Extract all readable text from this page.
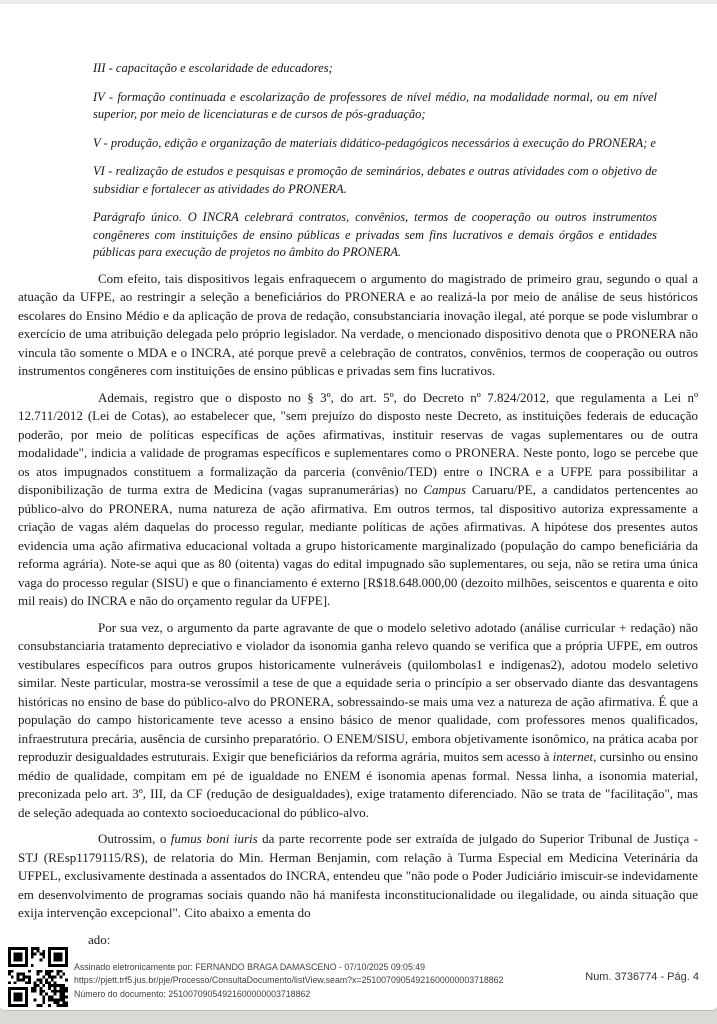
III - capacitação e escolaridade de educadores;

IV - formação continuada e escolarização de professores de nível médio, na modalidade normal, ou em nível superior, por meio de licenciaturas e de cursos de pós-graduação;

V - produção, edição e organização de materiais didático-pedagógicos necessários à execução do PRONERA; e

VI - realização de estudos e pesquisas e promoção de seminários, debates e outras atividades com o objetivo de subsidiar e fortalecer as atividades do PRONERA.

Parágrafo único. O INCRA celebrará contratos, convênios, termos de cooperação ou outros instrumentos congêneres com instituições de ensino públicas e privadas sem fins lucrativos e demais órgãos e entidades públicas para execução de projetos no âmbito do PRONERA.

Com efeito, tais dispositivos legais enfraquecem o argumento do magistrado de primeiro grau, segundo o qual a atuação da UFPE, ao restringir a seleção a beneficiários do PRONERA e ao realizá-la por meio de análise de seus históricos escolares do Ensino Médio e da aplicação de prova de redação, consubstanciaria inovação ilegal, até porque se pode vislumbrar o exercício de uma atribuição delegada pelo próprio legislador. Na verdade, o mencionado dispositivo denota que o PRONERA não vincula tão somente o MDA e o INCRA, até porque prevê a celebração de contratos, convênios, termos de cooperação ou outros instrumentos congêneres com instituições de ensino públicas e privadas sem fins lucrativos.

Ademais, registro que o disposto no § 3º, do art. 5º, do Decreto nº 7.824/2012, que regulamenta a Lei nº 12.711/2012 (Lei de Cotas), ao estabelecer que, "sem prejuízo do disposto neste Decreto, as instituições federais de educação poderão, por meio de políticas específicas de ações afirmativas, instituir reservas de vagas suplementares ou de outra modalidade", indicia a validade de programas específicos e suplementares como o PRONERA. Neste ponto, logo se percebe que os atos impugnados constituem a formalização da parceria (convênio/TED) entre o INCRA e a UFPE para possibilitar a disponibilização de turma extra de Medicina (vagas supranumerárias) no Campus Caruaru/PE, a candidatos pertencentes ao público-alvo do PRONERA, numa natureza de ação afirmativa. Em outros termos, tal dispositivo autoriza expressamente a criação de vagas além daquelas do processo regular, mediante políticas de ações afirmativas. A hipótese dos presentes autos evidencia uma ação afirmativa educacional voltada a grupo historicamente marginalizado (população do campo beneficiária da reforma agrária). Note-se aqui que as 80 (oitenta) vagas do edital impugnado são suplementares, ou seja, não se retira uma única vaga do processo regular (SISU) e que o financiamento é externo [R$18.648.000,00 (dezoito milhões, seiscentos e quarenta e oito mil reais) do INCRA e não do orçamento regular da UFPE].

Por sua vez, o argumento da parte agravante de que o modelo seletivo adotado (análise curricular + redação) não consubstanciaria tratamento depreciativo e violador da isonomia ganha relevo quando se verifica que a própria UFPE, em outros vestibulares específicos para outros grupos historicamente vulneráveis (quilombolas1 e indígenas2), adotou modelo seletivo similar. Neste particular, mostra-se verossímil a tese de que a equidade seria o princípio a ser observado diante das desvantagens históricas no ensino de base do público-alvo do PRONERA, sobressaindo-se mais uma vez a natureza de ação afirmativa. É que a população do campo historicamente teve acesso a ensino básico de menor qualidade, com professores menos qualificados, infraestrutura precária, ausência de cursinho preparatório. O ENEM/SISU, embora objetivamente isonômico, na prática acaba por reproduzir desigualdades estruturais. Exigir que beneficiários da reforma agrária, muitos sem acesso à internet, cursinho ou ensino médio de qualidade, compitam em pé de igualdade no ENEM é isonomia apenas formal. Nessa linha, a isonomia material, preconizada pelo art. 3º, III, da CF (redução de desigualdades), exige tratamento diferenciado. Não se trata de "facilitação", mas de seleção adequada ao contexto socioeducacional do público-alvo.

Outrossim, o fumus boni iuris da parte recorrente pode ser extraída de julgado do Superior Tribunal de Justiça - STJ (REsp1179115/RS), de relatoria do Min. Herman Benjamin, com relação à Turma Especial em Medicina Veterinária da UFPEL, exclusivamente destinada a assentados do INCRA, entendeu que "não pode o Poder Judiciário imiscuir-se indevidamente em desenvolvimento de programas sociais quando não há manifesta inconstitucionalidade ou ilegalidade, ou ainda situação que exija intervenção excepcional". Cito abaixo a ementa do

ado:

Assinado eletronicamente por: FERNANDO BRAGA DAMASCENO - 07/10/2025 09:05:49
https://pjett.trf5.jus.br/pje/Processo/ConsultaDocumento/listView.seam?x=25100709054921600000003718862
Número do documento: 25100709054921600000003718862
Num. 3736774 - Pág. 4
